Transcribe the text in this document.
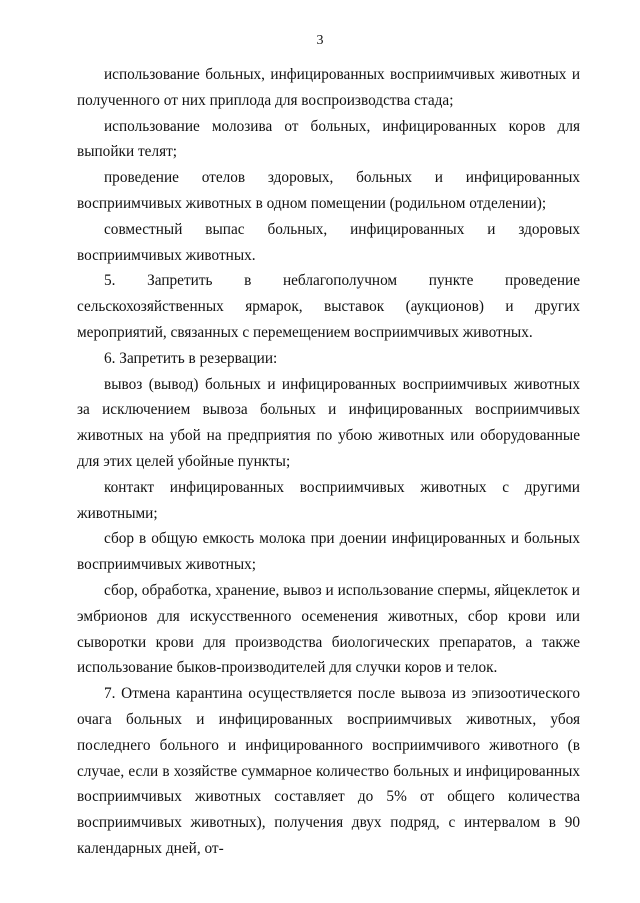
3

использование больных, инфицированных восприимчивых животных и полученного от них приплода для воспроизводства стада;

использование молозива от больных, инфицированных коров для выпойки телят;

проведение отелов здоровых, больных и инфицированных восприимчивых животных в одном помещении (родильном отделении);

совместный выпас больных, инфицированных и здоровых восприимчивых животных.

5. Запретить в неблагополучном пункте проведение сельскохозяйственных ярмарок, выставок (аукционов) и других мероприятий, связанных с перемещением восприимчивых животных.

6. Запретить в резервации:

вывоз (вывод) больных и инфицированных восприимчивых животных за исключением вывоза больных и инфицированных восприимчивых животных на убой на предприятия по убою животных или оборудованные для этих целей убойные пункты;

контакт инфицированных восприимчивых животных с другими животными;

сбор в общую емкость молока при доении инфицированных и больных восприимчивых животных;

сбор, обработка, хранение, вывоз и использование спермы, яйцеклеток и эмбрионов для искусственного осеменения животных, сбор крови или сыворотки крови для производства биологических препаратов, а также использование быков-производителей для случки коров и телок.

7. Отмена карантина осуществляется после вывоза из эпизоотического очага больных и инфицированных восприимчивых животных, убоя последнего больного и инфицированного восприимчивого животного (в случае, если в хозяйстве суммарное количество больных и инфицированных восприимчивых животных составляет до 5% от общего количества восприимчивых животных), получения двух подряд, с интервалом в 90 календарных дней, от-
